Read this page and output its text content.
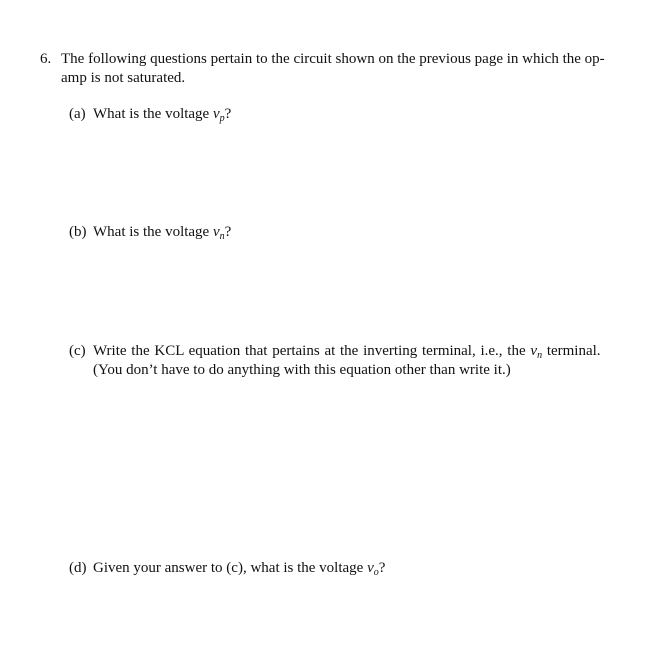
6. The following questions pertain to the circuit shown on the previous page in which the op-
amp is not saturated.
(a) What is the voltage $v_p$?
(b) What is the voltage $v_n$?
(c) Write the KCL equation that pertains at the inverting terminal, i.e., the $v_n$ terminal.
(You don’t have to do anything with this equation other than write it.)
(d) Given your answer to (c), what is the voltage $v_o$?
